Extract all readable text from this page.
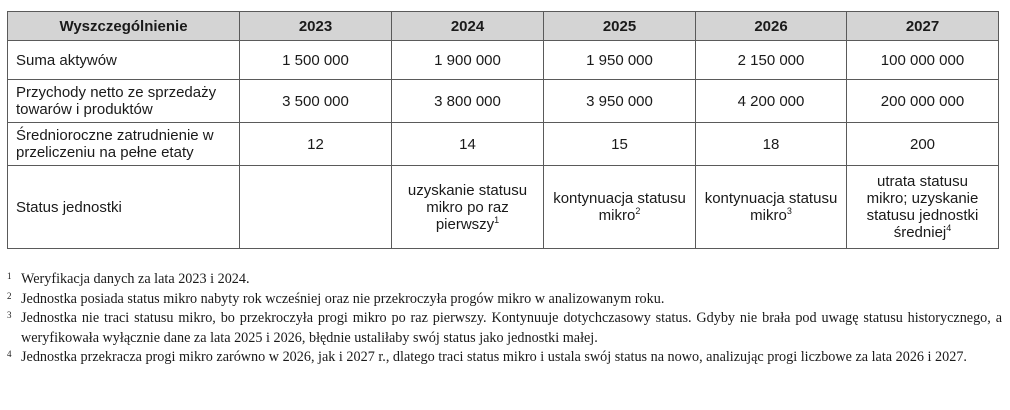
Wyszczególnienie	2023	2024	2025	2026	2027
Suma aktywów	1 500 000	1 900 000	1 950 000	2 150 000	100 000 000
Przychody netto ze sprzedaży towarów i produktów	3 500 000	3 800 000	3 950 000	4 200 000	200 000 000
Średnioroczne zatrudnienie w przeliczeniu na pełne etaty	12	14	15	18	200
Status jednostki		uzyskanie statusu mikro po raz pierwszy$^1$	kontynuacja statusu mikro$^2$	kontynuacja statusu mikro$^3$	utrata statusu mikro; uzyskanie statusu jednostki średniej$^4$
1 Weryfikacja danych za lata 2023 i 2024.
2 Jednostka posiada status mikro nabyty rok wcześniej oraz nie przekroczyła progów mikro w analizowanym roku.
3 Jednostka nie traci statusu mikro, bo przekroczyła progi mikro po raz pierwszy. Kontynuuje dotychczasowy status. Gdyby nie brała pod uwagę statusu historycznego, a weryfikowała wyłącznie dane za lata 2025 i 2026, błędnie ustaliłaby swój status jako jednostki małej.
4 Jednostka przekracza progi mikro zarówno w 2026, jak i 2027 r., dlatego traci status mikro i ustala swój status na nowo, analizując progi liczbowe za lata 2026 i 2027.
